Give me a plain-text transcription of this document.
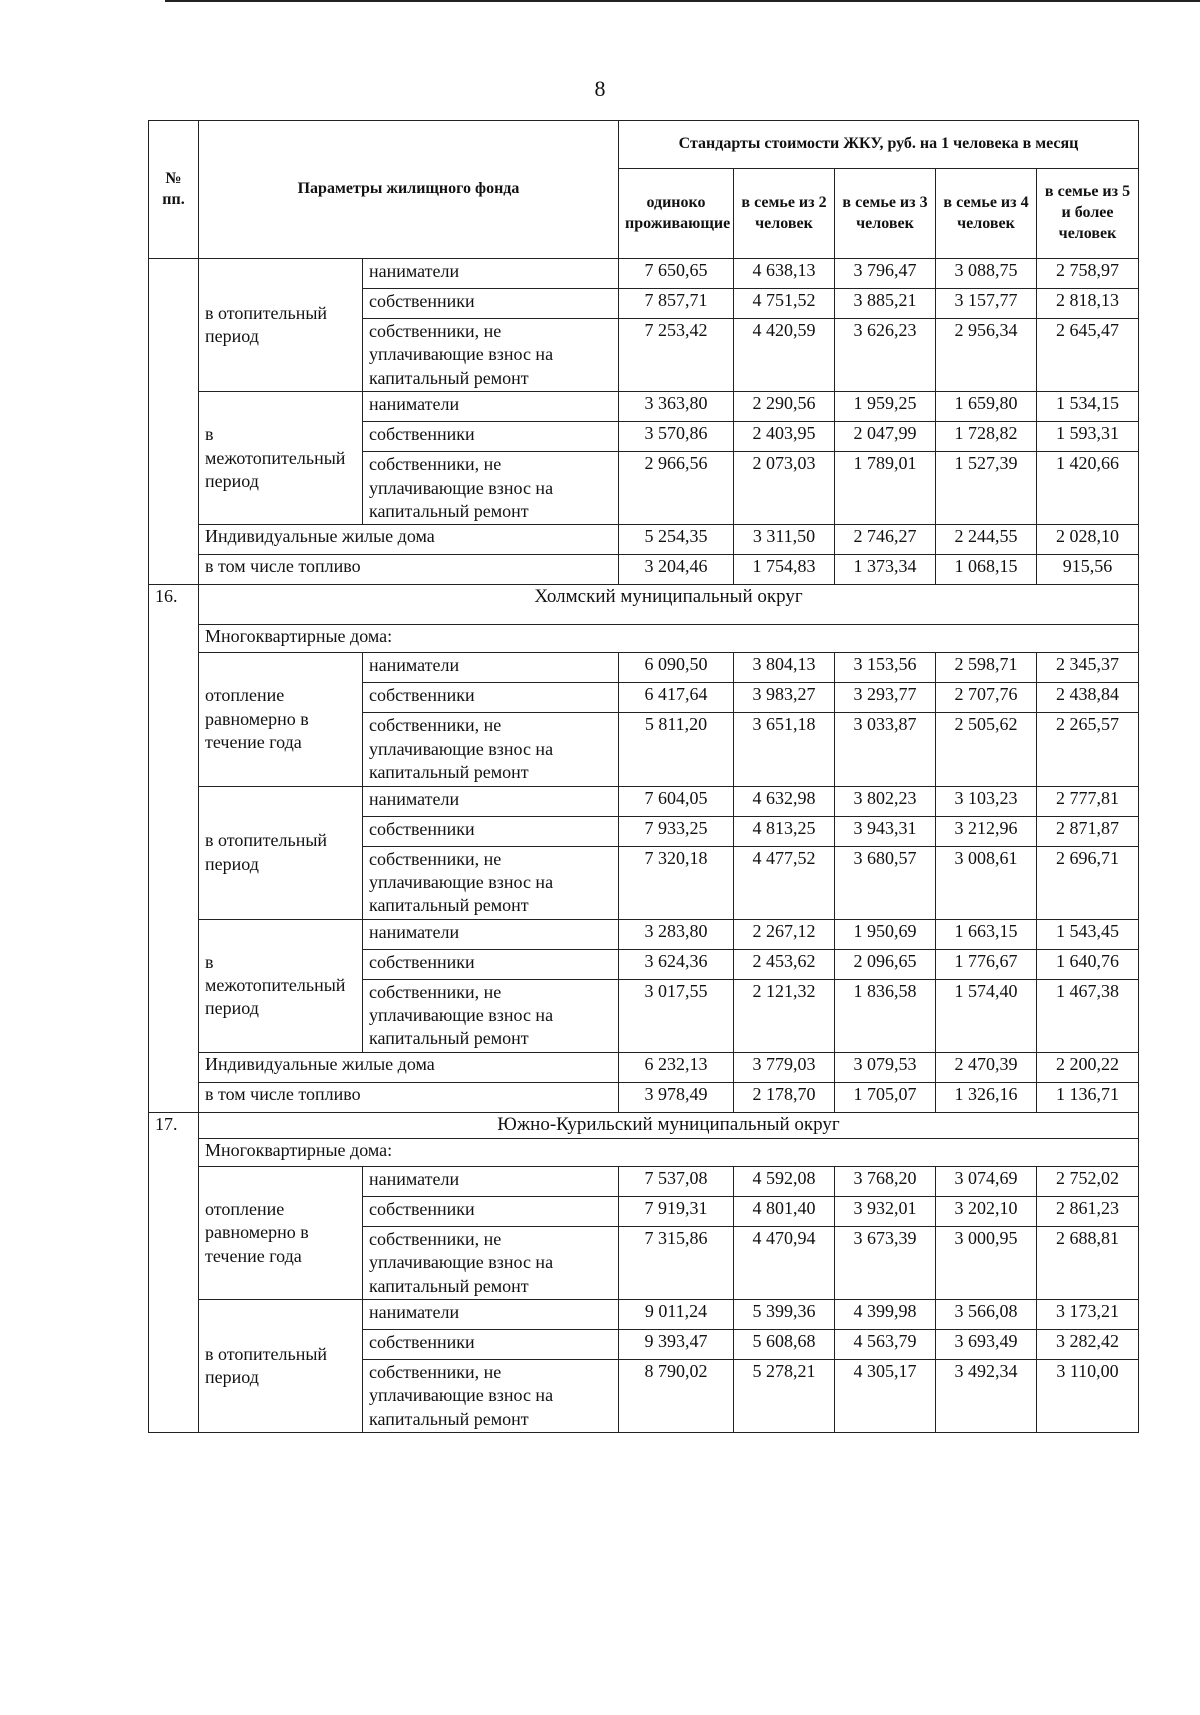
8
№ пп.	Параметры жилищного фонда		Стандарты стоимости ЖКУ, руб. на 1 человека в месяц				
			одиноко проживающие	в семье из 2 человек	в семье из 3 человек	в семье из 4 человек	в семье из 5 и более человек
	в отопительный период	наниматели	7 650,65	4 638,13	3 796,47	3 088,75	2 758,97
		собственники	7 857,71	4 751,52	3 885,21	3 157,77	2 818,13
		собственники, не уплачивающие взнос на капитальный ремонт	7 253,42	4 420,59	3 626,23	2 956,34	2 645,47
	в межотопительный период	наниматели	3 363,80	2 290,56	1 959,25	1 659,80	1 534,15
		собственники	3 570,86	2 403,95	2 047,99	1 728,82	1 593,31
		собственники, не уплачивающие взнос на капитальный ремонт	2 966,56	2 073,03	1 789,01	1 527,39	1 420,66
	Индивидуальные жилые дома		5 254,35	3 311,50	2 746,27	2 244,55	2 028,10
	в том числе топливо		3 204,46	1 754,83	1 373,34	1 068,15	915,56
16.	Холмский муниципальный округ						
	Многоквартирные дома:						
	отопление равномерно в течение года	наниматели	6 090,50	3 804,13	3 153,56	2 598,71	2 345,37
		собственники	6 417,64	3 983,27	3 293,77	2 707,76	2 438,84
		собственники, не уплачивающие взнос на капитальный ремонт	5 811,20	3 651,18	3 033,87	2 505,62	2 265,57
	в отопительный период	наниматели	7 604,05	4 632,98	3 802,23	3 103,23	2 777,81
		собственники	7 933,25	4 813,25	3 943,31	3 212,96	2 871,87
		собственники, не уплачивающие взнос на капитальный ремонт	7 320,18	4 477,52	3 680,57	3 008,61	2 696,71
	в межотопительный период	наниматели	3 283,80	2 267,12	1 950,69	1 663,15	1 543,45
		собственники	3 624,36	2 453,62	2 096,65	1 776,67	1 640,76
		собственники, не уплачивающие взнос на капитальный ремонт	3 017,55	2 121,32	1 836,58	1 574,40	1 467,38
	Индивидуальные жилые дома		6 232,13	3 779,03	3 079,53	2 470,39	2 200,22
	в том числе топливо		3 978,49	2 178,70	1 705,07	1 326,16	1 136,71
17.	Южно-Курильский муниципальный округ						
	Многоквартирные дома:						
	отопление равномерно в течение года	наниматели	7 537,08	4 592,08	3 768,20	3 074,69	2 752,02
		собственники	7 919,31	4 801,40	3 932,01	3 202,10	2 861,23
		собственники, не уплачивающие взнос на капитальный ремонт	7 315,86	4 470,94	3 673,39	3 000,95	2 688,81
	в отопительный период	наниматели	9 011,24	5 399,36	4 399,98	3 566,08	3 173,21
		собственники	9 393,47	5 608,68	4 563,79	3 693,49	3 282,42
		собственники, не уплачивающие взнос на капитальный ремонт	8 790,02	5 278,21	4 305,17	3 492,34	3 110,00
